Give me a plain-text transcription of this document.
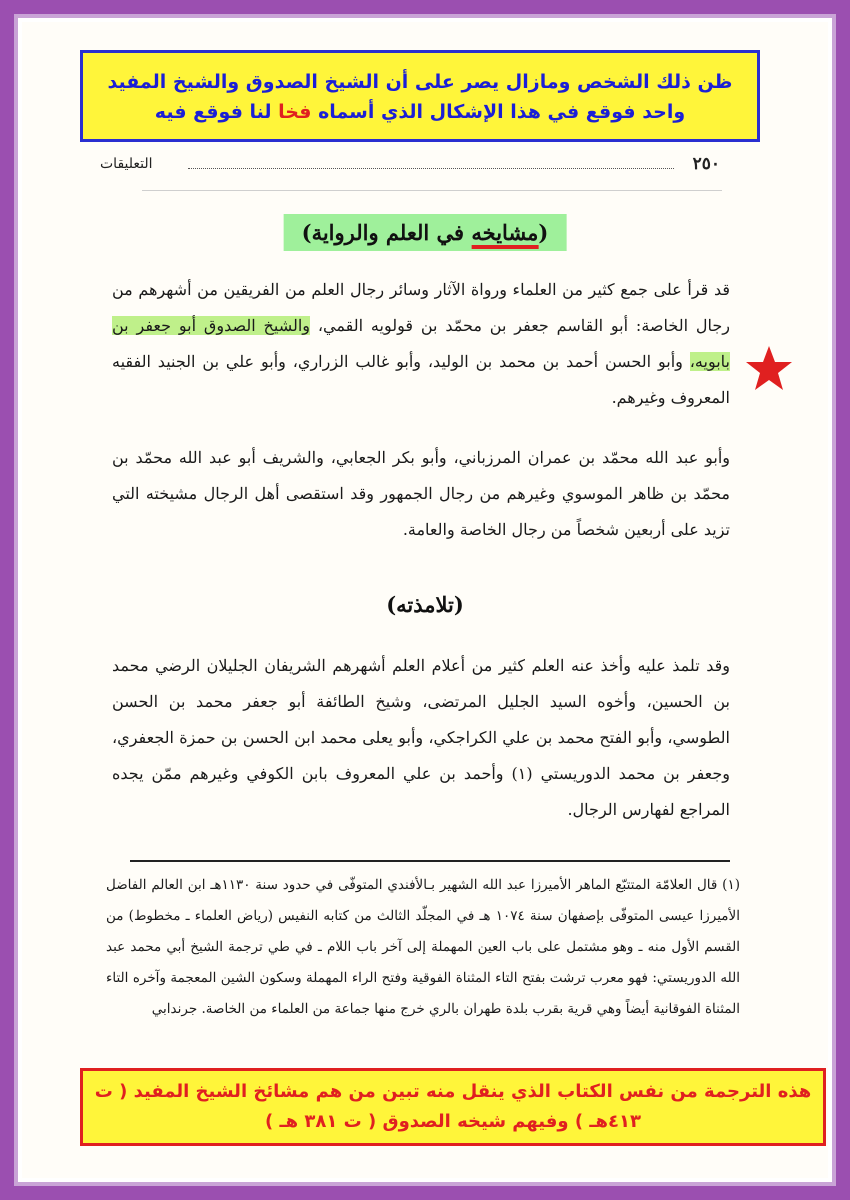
ظن ذلك الشخص ومازال يصر على أن الشيخ الصدوق والشيخ المفيد واحد فوقع في هذا الإشكال الذي أسماه فخا لنا فوقع فيه
٢٥٠
التعليقات
(مشايخه في العلم والرواية)

قد قرأ على جمع كثير من العلماء ورواة الآثار وسائر رجال العلم من الفريقين من أشهرهم من رجال الخاصة: أبو القاسم جعفر بن محمّد بن قولويه القمي، والشيخ الصدوق أبو جعفر بن بابويه، وأبو الحسن أحمد بن محمد بن الوليد، وأبو غالب الزراري، وأبو علي بن الجنيد الفقيه المعروف وغيرهم.

وأبو عبد الله محمّد بن عمران المرزباني، وأبو بكر الجعابي، والشريف أبو عبد الله محمّد بن محمّد بن ظاهر الموسوي وغيرهم من رجال الجمهور وقد استقصى أهل الرجال مشيخته التي تزيد على أربعين شخصاً من رجال الخاصة والعامة.

(تلامذته)

وقد تلمذ عليه وأخذ عنه العلم كثير من أعلام العلم أشهرهم الشريفان الجليلان الرضي محمد بن الحسين، وأخوه السيد الجليل المرتضى، وشيخ الطائفة أبو جعفر محمد بن الحسن الطوسي، وأبو الفتح محمد بن علي الكراجكي، وأبو يعلى محمد ابن الحسن بن حمزة الجعفري، وجعفر بن محمد الدوريستي (١) وأحمد بن علي المعروف بابن الكوفي وغيرهم ممّن يجده المراجع لفهارس الرجال.

(١) قال العلامّة المتتبّع الماهر الأميرزا عبد الله الشهير بـالأفندي المتوفّى في حدود سنة ١١٣٠هـ ابن العالم الفاضل الأميرزا عيسى المتوفّى بإصفهان سنة ١٠٧٤ هـ في المجلّد الثالث من كتابه النفيس (رياض العلماء ـ مخطوط) من القسم الأول منه ـ وهو مشتمل على باب العين المهملة إلى آخر باب اللام ـ في طي ترجمة الشيخ أبي محمد عبد الله الدوريستي: فهو معرب ترشت بفتح التاء المثناة الفوقية وفتح الراء المهملة وسكون الشين المعجمة وآخره التاء المثناة الفوقانية أيضاً وهي قرية بقرب بلدة طهران بالري خرج منها جماعة من العلماء من الخاصة. جرندابي

هذه الترجمة من نفس الكتاب الذي ينقل منه تبين من هم مشائخ الشيخ المفيد ( ت ٤١٣هـ ) وفيهم شيخه الصدوق ( ت ٣٨١ هـ )
